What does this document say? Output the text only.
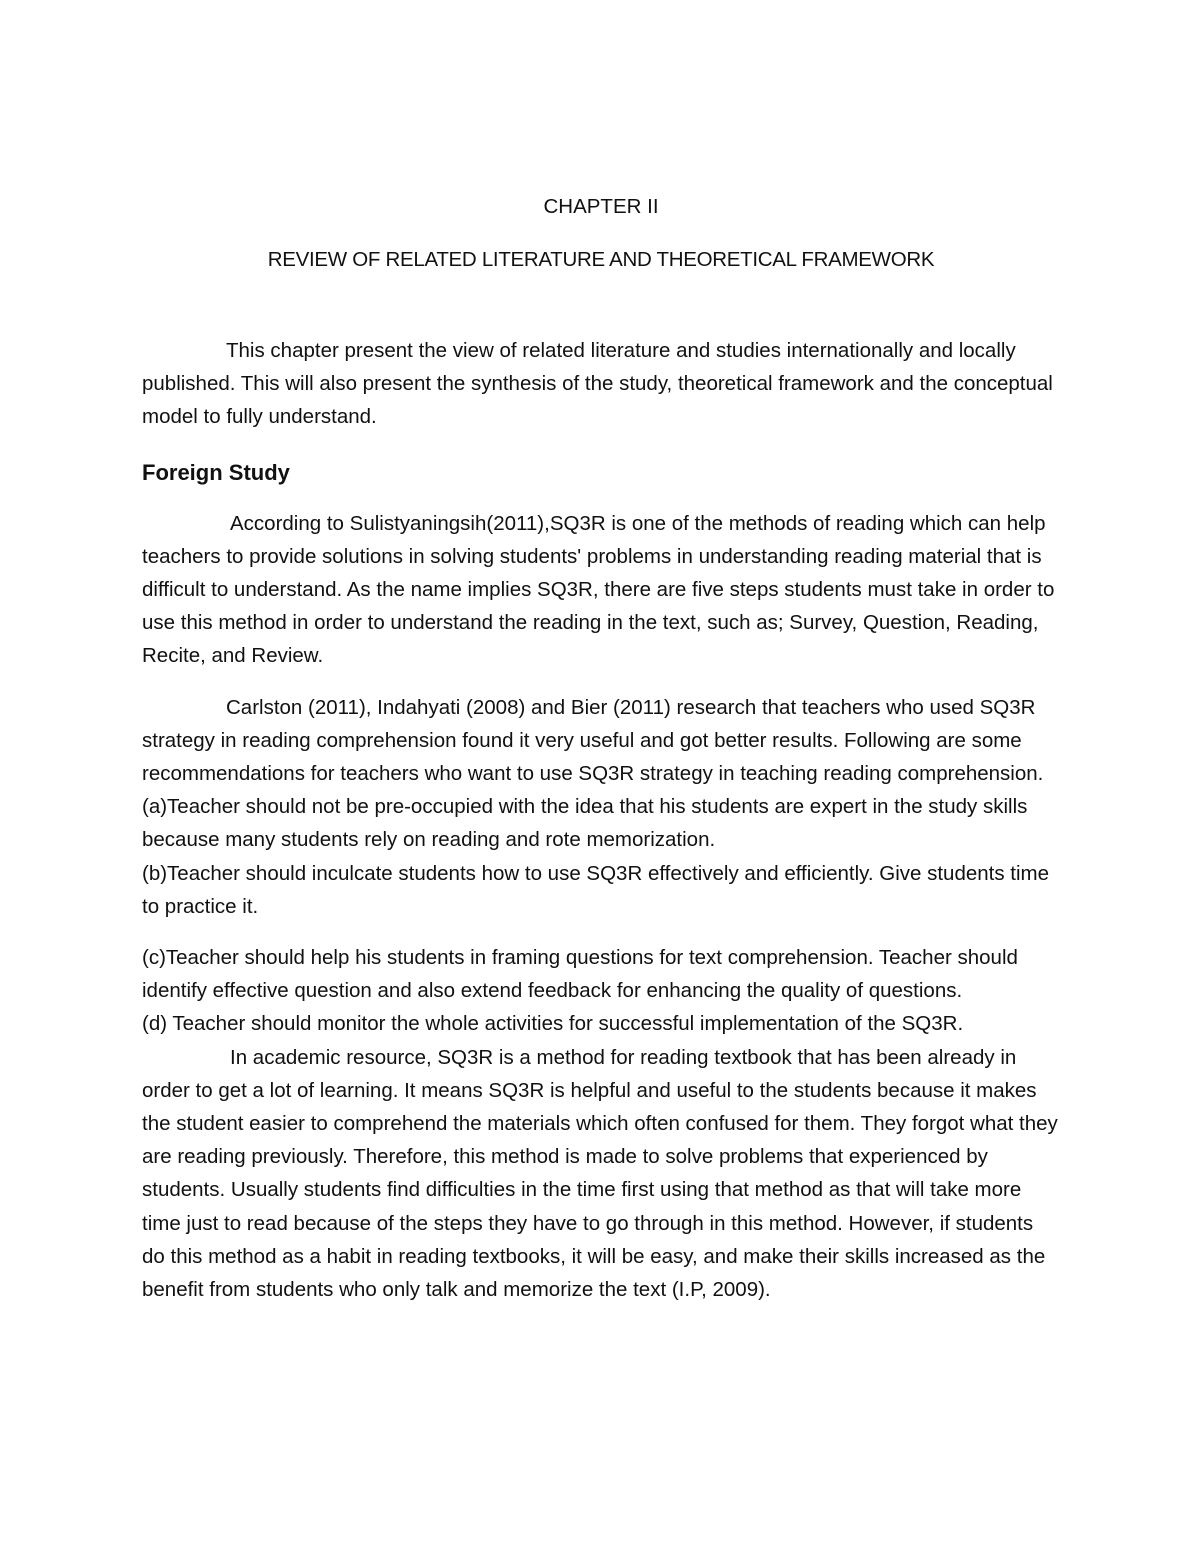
CHAPTER II
REVIEW OF RELATED LITERATURE AND THEORETICAL FRAMEWORK

This chapter present the view of related literature and studies internationally and locally published. This will also present the synthesis of the study, theoretical framework and the conceptual model to fully understand.

Foreign Study

According to Sulistyaningsih(2011),SQ3R is one of the methods of reading which can help teachers to provide solutions in solving students' problems in understanding reading material that is difficult to understand. As the name implies SQ3R, there are five steps students must take in order to use this method in order to understand the reading in the text, such as; Survey, Question, Reading, Recite, and Review.

Carlston (2011), Indahyati (2008) and Bier (2011) research that teachers who used SQ3R strategy in reading comprehension found it very useful and got better results. Following are some recommendations for teachers who want to use SQ3R strategy in teaching reading comprehension.

(a)Teacher should not be pre-occupied with the idea that his students are expert in the study skills because many students rely on reading and rote memorization.

(b)Teacher should inculcate students how to use SQ3R effectively and efficiently. Give students time to practice it.

(c)Teacher should help his students in framing questions for text comprehension. Teacher should identify effective question and also extend feedback for enhancing the quality of questions.

(d) Teacher should monitor the whole activities for successful implementation of the SQ3R.

In academic resource, SQ3R is a method for reading textbook that has been already in order to get a lot of learning. It means SQ3R is helpful and useful to the students because it makes the student easier to comprehend the materials which often confused for them. They forgot what they are reading previously. Therefore, this method is made to solve problems that experienced by students. Usually students find difficulties in the time first using that method as that will take more time just to read because of the steps they have to go through in this method. However, if students do this method as a habit in reading textbooks, it will be easy, and make their skills increased as the benefit from students who only talk and memorize the text (I.P, 2009).
